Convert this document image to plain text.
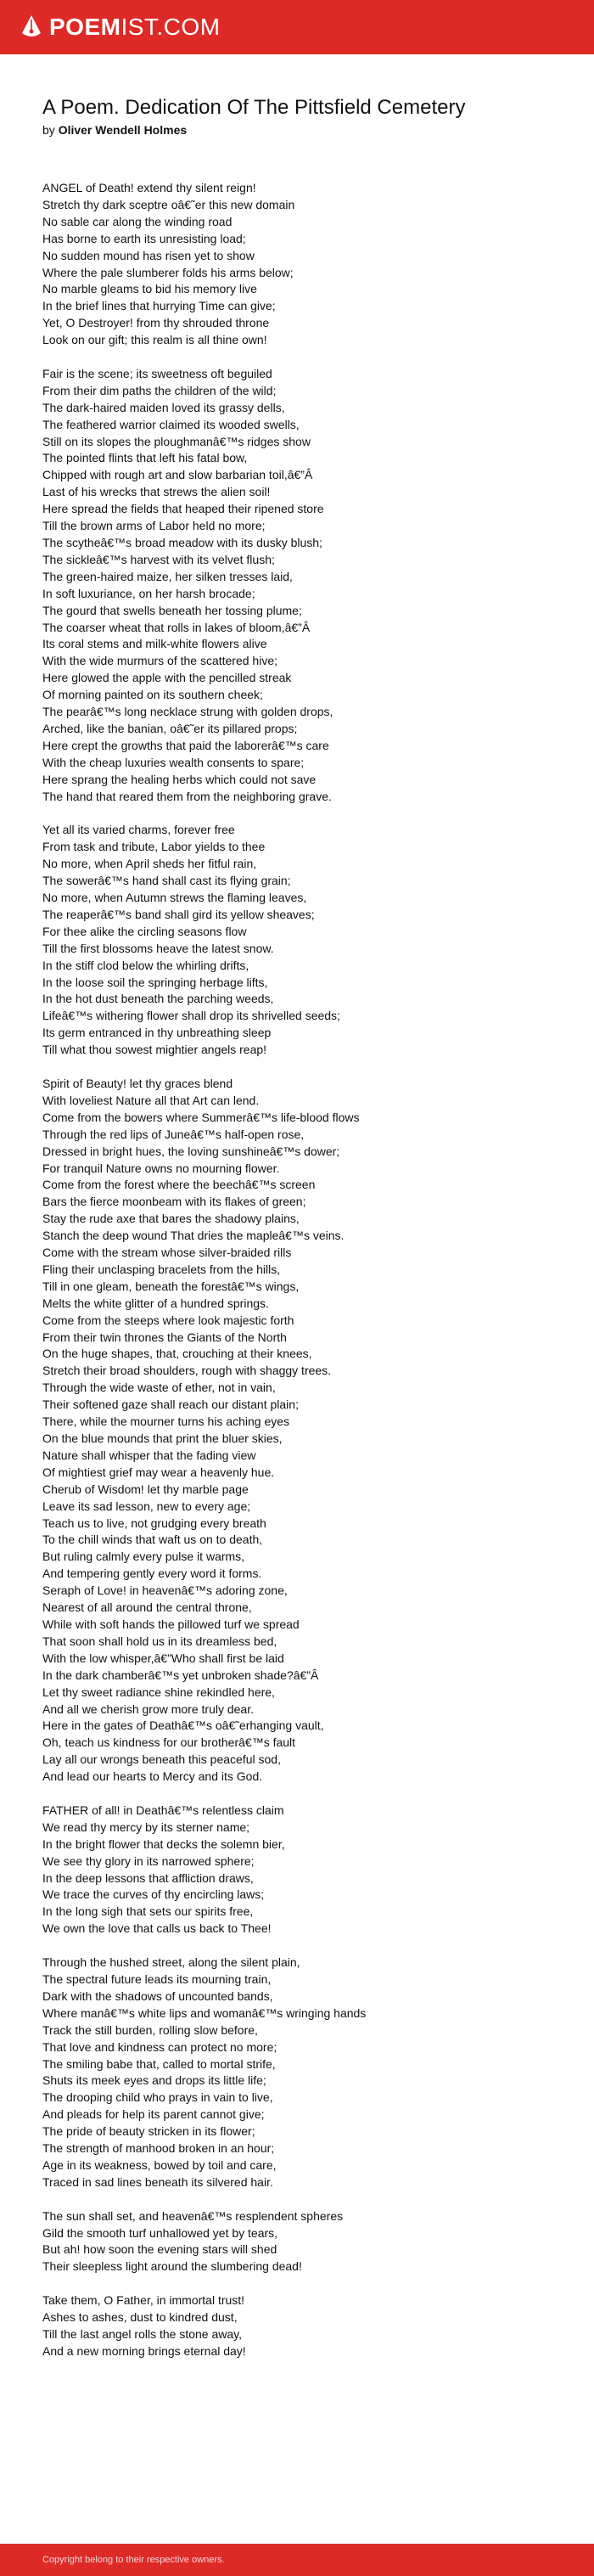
POEMIST.COM
A Poem. Dedication Of The Pittsfield Cemetery
by Oliver Wendell Holmes
ANGEL of Death! extend thy silent reign!
Stretch thy dark sceptre oâ€˜er this new domain
No sable car along the winding road
Has borne to earth its unresisting load;
No sudden mound has risen yet to show
Where the pale slumberer folds his arms below;
No marble gleams to bid his memory live
In the brief lines that hurrying Time can give;
Yet, O Destroyer! from thy shrouded throne
Look on our gift; this realm is all thine own!
Fair is the scene; its sweetness oft beguiled
From their dim paths the children of the wild;
The dark-haired maiden loved its grassy dells,
The feathered warrior claimed its wooded swells,
Still on its slopes the ploughmanâ€™s ridges show
The pointed flints that left his fatal bow,
Chipped with rough art and slow barbarian toil,â€”Â
Last of his wrecks that strews the alien soil!
Here spread the fields that heaped their ripened store
Till the brown arms of Labor held no more;
The scytheâ€™s broad meadow with its dusky blush;
The sickleâ€™s harvest with its velvet flush;
The green-haired maize, her silken tresses laid,
In soft luxuriance, on her harsh brocade;
The gourd that swells beneath her tossing plume;
The coarser wheat that rolls in lakes of bloom,â€”Â
Its coral stems and milk-white flowers alive
With the wide murmurs of the scattered hive;
Here glowed the apple with the pencilled streak
Of morning painted on its southern cheek;
The pearâ€™s long necklace strung with golden drops,
Arched, like the banian, oâ€˜er its pillared props;
Here crept the growths that paid the laborerâ€™s care
With the cheap luxuries wealth consents to spare;
Here sprang the healing herbs which could not save
The hand that reared them from the neighboring grave.
Yet all its varied charms, forever free
From task and tribute, Labor yields to thee
No more, when April sheds her fitful rain,
The sowerâ€™s hand shall cast its flying grain;
No more, when Autumn strews the flaming leaves,
The reaperâ€™s band shall gird its yellow sheaves;
For thee alike the circling seasons flow
Till the first blossoms heave the latest snow.
In the stiff clod below the whirling drifts,
In the loose soil the springing herbage lifts,
In the hot dust beneath the parching weeds,
Lifeâ€™s withering flower shall drop its shrivelled seeds;
Its germ entranced in thy unbreathing sleep
Till what thou sowest mightier angels reap!
Spirit of Beauty! let thy graces blend
With loveliest Nature all that Art can lend.
Come from the bowers where Summerâ€™s life-blood flows
Through the red lips of Juneâ€™s half-open rose,
Dressed in bright hues, the loving sunshineâ€™s dower;
For tranquil Nature owns no mourning flower.
Come from the forest where the beechâ€™s screen
Bars the fierce moonbeam with its flakes of green;
Stay the rude axe that bares the shadowy plains,
Stanch the deep wound That dries the mapleâ€™s veins.
Come with the stream whose silver-braided rills
Fling their unclasping bracelets from the hills,
Till in one gleam, beneath the forestâ€™s wings,
Melts the white glitter of a hundred springs.
Come from the steeps where look majestic forth
From their twin thrones the Giants of the North
On the huge shapes, that, crouching at their knees,
Stretch their broad shoulders, rough with shaggy trees.
Through the wide waste of ether, not in vain,
Their softened gaze shall reach our distant plain;
There, while the mourner turns his aching eyes
On the blue mounds that print the bluer skies,
Nature shall whisper that the fading view
Of mightiest grief may wear a heavenly hue.
Cherub of Wisdom! let thy marble page
Leave its sad lesson, new to every age;
Teach us to live, not grudging every breath
To the chill winds that waft us on to death,
But ruling calmly every pulse it warms,
And tempering gently every word it forms.
Seraph of Love! in heavenâ€™s adoring zone,
Nearest of all around the central throne,
While with soft hands the pillowed turf we spread
That soon shall hold us in its dreamless bed,
With the low whisper,â€”Who shall first be laid
In the dark chamberâ€™s yet unbroken shade?â€”Â
Let thy sweet radiance shine rekindled here,
And all we cherish grow more truly dear.
Here in the gates of Deathâ€™s oâ€˜erhanging vault,
Oh, teach us kindness for our brotherâ€™s fault
Lay all our wrongs beneath this peaceful sod,
And lead our hearts to Mercy and its God.
FATHER of all! in Deathâ€™s relentless claim
We read thy mercy by its sterner name;
In the bright flower that decks the solemn bier,
We see thy glory in its narrowed sphere;
In the deep lessons that affliction draws,
We trace the curves of thy encircling laws;
In the long sigh that sets our spirits free,
We own the love that calls us back to Thee!
Through the hushed street, along the silent plain,
The spectral future leads its mourning train,
Dark with the shadows of uncounted bands,
Where manâ€™s white lips and womanâ€™s wringing hands
Track the still burden, rolling slow before,
That love and kindness can protect no more;
The smiling babe that, called to mortal strife,
Shuts its meek eyes and drops its little life;
The drooping child who prays in vain to live,
And pleads for help its parent cannot give;
The pride of beauty stricken in its flower;
The strength of manhood broken in an hour;
Age in its weakness, bowed by toil and care,
Traced in sad lines beneath its silvered hair.
The sun shall set, and heavenâ€™s resplendent spheres
Gild the smooth turf unhallowed yet by tears,
But ah! how soon the evening stars will shed
Their sleepless light around the slumbering dead!
Take them, O Father, in immortal trust!
Ashes to ashes, dust to kindred dust,
Till the last angel rolls the stone away,
And a new morning brings eternal day!
Copyright belong to their respective owners.
